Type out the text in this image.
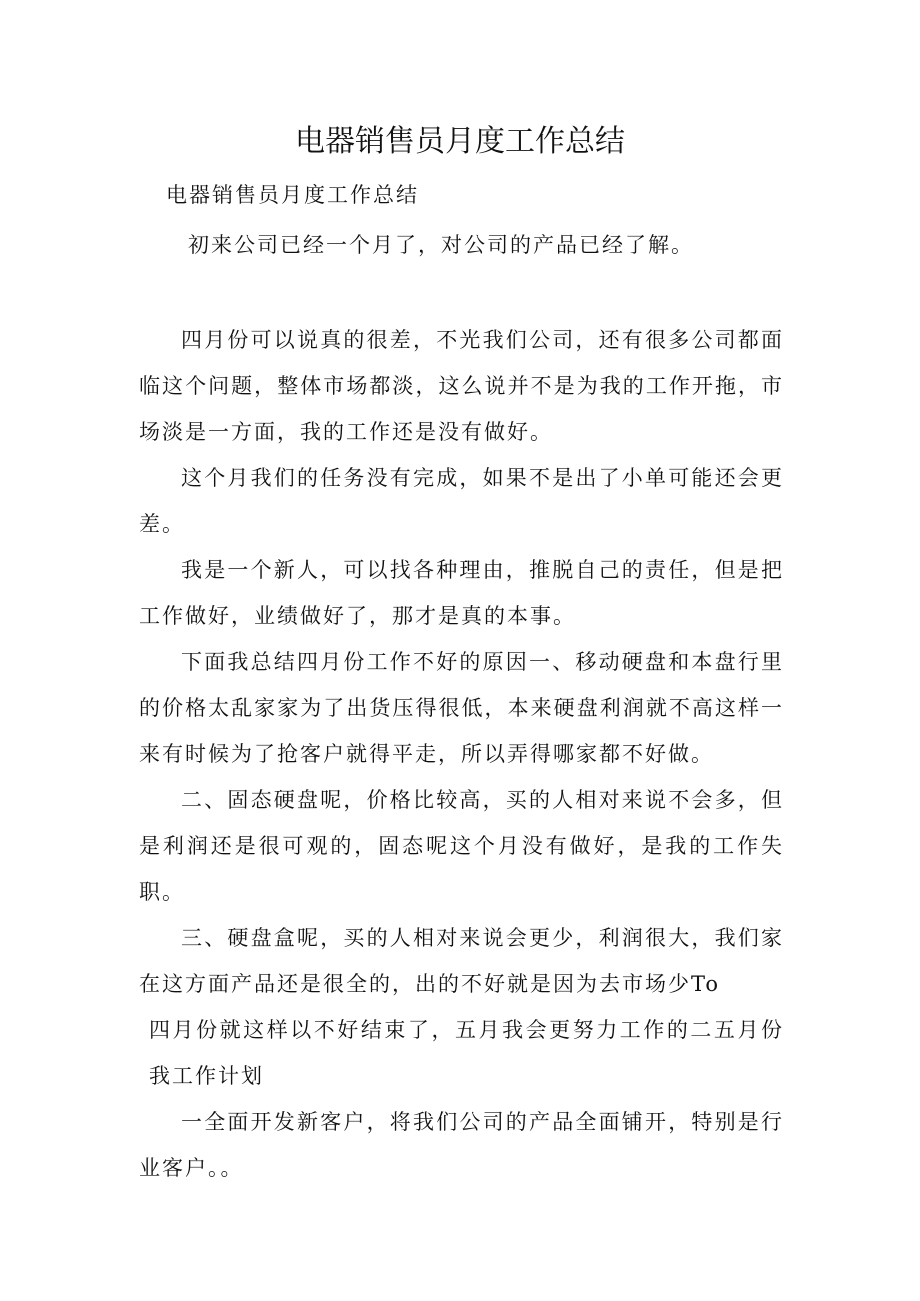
电器销售员月度工作总结

电器销售员月度工作总结

初来公司已经一个月了，对公司的产品已经了解。

四月份可以说真的很差，不光我们公司，还有很多公司都面临这个问题，整体市场都淡，这么说并不是为我的工作开拖，市场淡是一方面，我的工作还是没有做好。

这个月我们的任务没有完成，如果不是出了小单可能还会更差。

我是一个新人，可以找各种理由，推脱自己的责任，但是把工作做好，业绩做好了，那才是真的本事。

下面我总结四月份工作不好的原因一、移动硬盘和本盘行里的价格太乱家家为了出货压得很低，本来硬盘利润就不高这样一来有时候为了抢客户就得平走，所以弄得哪家都不好做。

二、固态硬盘呢，价格比较高，买的人相对来说不会多，但是利润还是很可观的，固态呢这个月没有做好，是我的工作失职。

三、硬盘盒呢，买的人相对来说会更少，利润很大，我们家在这方面产品还是很全的，出的不好就是因为去市场少To

四月份就这样以不好结束了，五月我会更努力工作的二五月份我工作计划

一全面开发新客户，将我们公司的产品全面铺开，特别是行业客户。。
